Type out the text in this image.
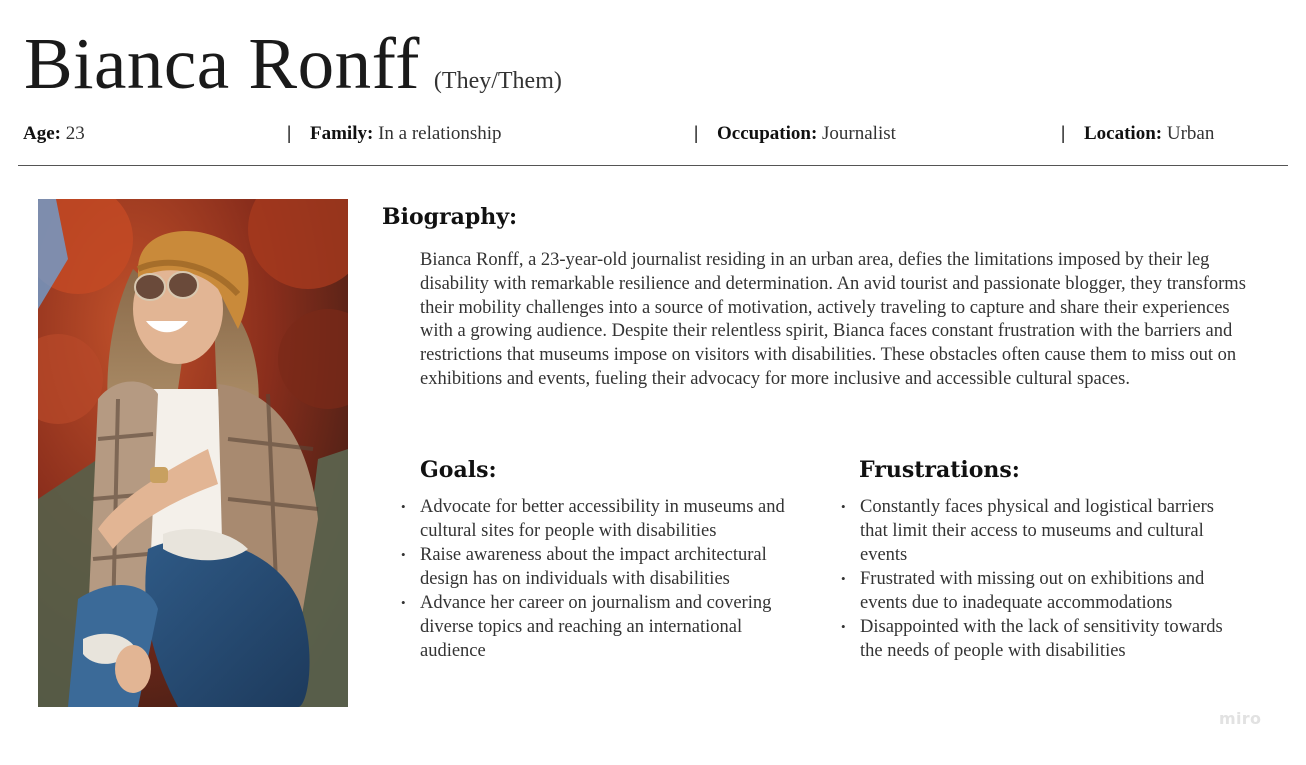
Bianca Ronff (They/Them)
Age: 23	| Family: In a relationship	| Occupation: Journalist	| Location: Urban
Biography:

Bianca Ronff, a 23-year-old journalist residing in an urban area, defies the limitations imposed by their leg disability with remarkable resilience and determination. An avid tourist and passionate blogger, they transforms their mobility challenges into a source of motivation, actively traveling to capture and share their experiences with a growing audience. Despite their relentless spirit, Bianca faces constant frustration with the barriers and restrictions that museums impose on visitors with disabilities. These obstacles often cause them to miss out on exhibitions and events, fueling their advocacy for more inclusive and accessible cultural spaces.

Goals:
• Advocate for better accessibility in museums and cultural sites for people with disabilities
• Raise awareness about the impact architectural design has on individuals with disabilities
• Advance her career on journalism and covering diverse topics and reaching an international audience
Frustrations:
• Constantly faces physical and logistical barriers that limit their access to museums and cultural events
• Frustrated with missing out on exhibitions and events due to inadequate accommodations
• Disappointed with the lack of sensitivity towards the needs of people with disabilities
miro
